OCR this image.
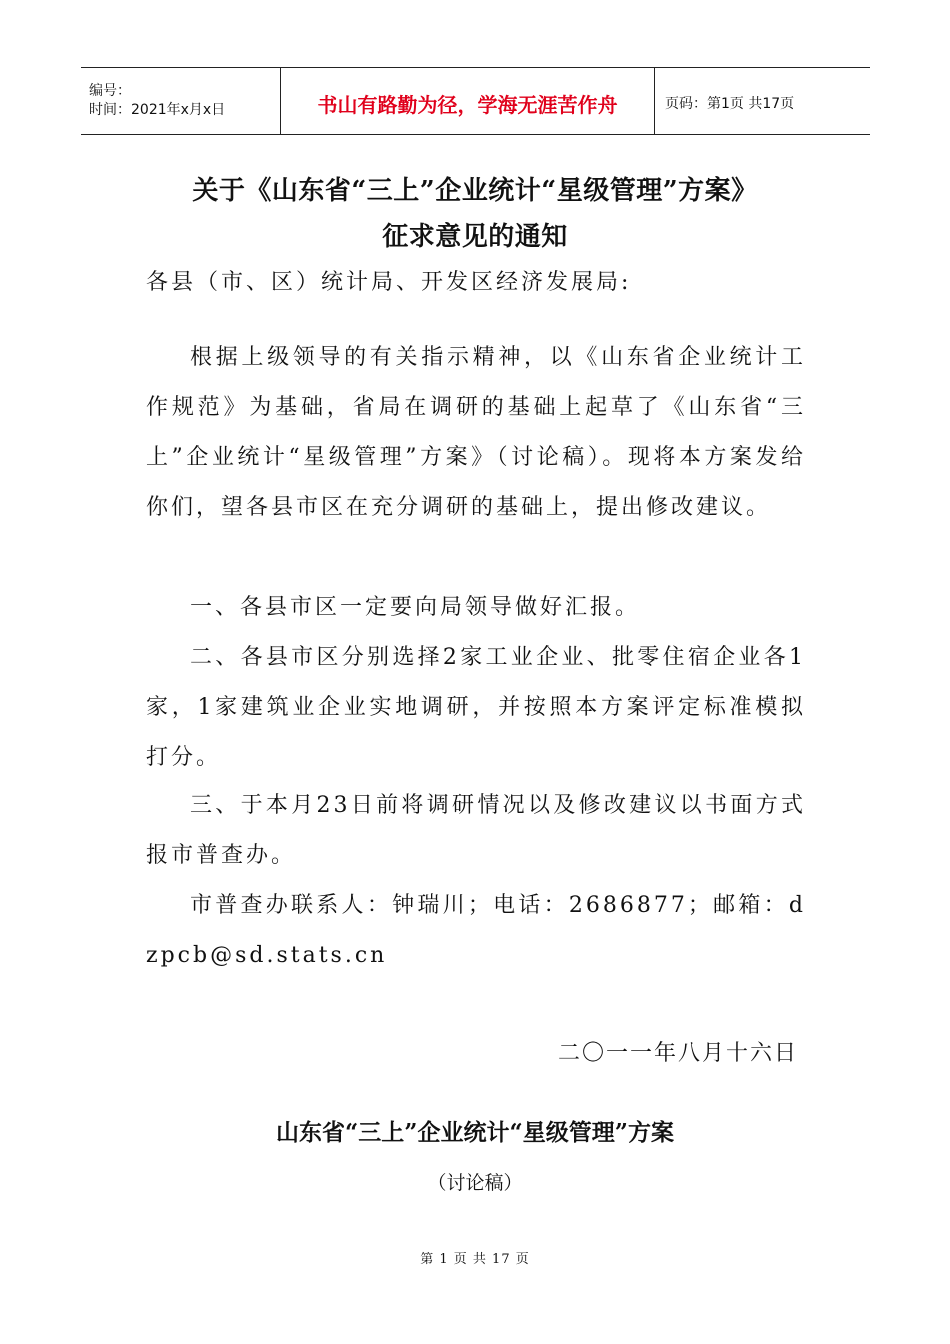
编号：
时间：2021年x月x日	书山有路勤为径，学海无涯苦作舟	页码：第1页 共17页
关于《山东省“三上”企业统计“星级管理”方案》
征求意见的通知

各县（市、区）统计局、开发区经济发展局:

根据上级领导的有关指示精神，以《山东省企业统计工作规范》为基础，省局在调研的基础上起草了《山东省“三上”企业统计“星级管理”方案》（讨论稿）。现将本方案发给你们，望各县市区在充分调研的基础上，提出修改建议。

一、各县市区一定要向局领导做好汇报。

二、各县市区分别选择2家工业企业、批零住宿企业各1家，1家建筑业企业实地调研，并按照本方案评定标准模拟打分。

三、于本月23日前将调研情况以及修改建议以书面方式报市普查办。

市普查办联系人：钟瑞川；电话：2686877；邮箱：dzpcb@sd.stats.cn

二〇一一年八月十六日
山东省“三上”企业统计“星级管理”方案
（讨论稿）
第 1 页 共 17 页
